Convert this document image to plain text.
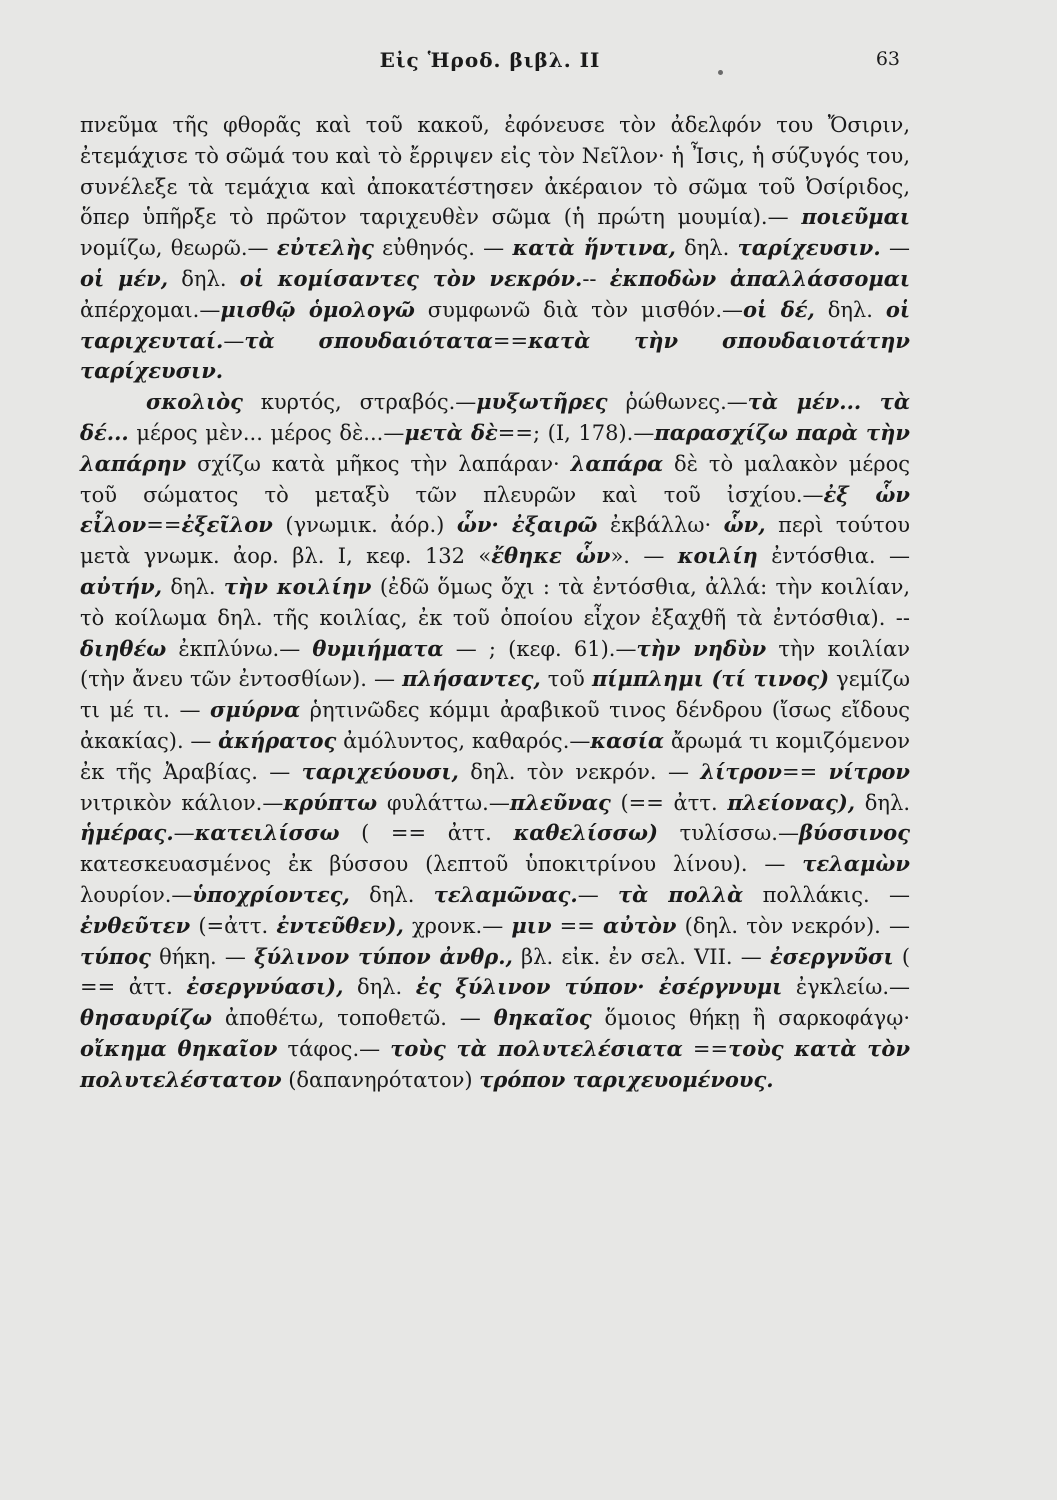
Εἰς Ἡροδ. βιβλ. II	63

πνεῦμα τῆς φθορᾶς καὶ τοῦ κακοῦ, ἐφόνευσε τὸν ἀδελφόν του Ὄσιριν, ἐτεμάχισε τὸ σῶμά του καὶ τὸ ἔρριψεν εἰς τὸν Νεῖλον· ἡ Ἶσις, ἡ σύζυγός του, συνέλεξε τὰ τεμάχια καὶ ἀποκατέστησεν ἀκέραιον τὸ σῶμα τοῦ Ὀσίριδος, ὅπερ ὑπῆρξε τὸ πρῶτον ταριχευθὲν σῶμα (ἡ πρώτη μουμία).— ποιεῦμαι νομίζω, θεωρῶ.— εὐτελὴς εὐθηνός. — κατὰ ἥντινα, δηλ. ταρίχευσιν. — οἱ μέν, δηλ. οἱ κομίσαντες τὸν νεκρόν.-- ἐκποδὼν ἀπαλλάσσομαι ἀπέρχομαι.—μισθῷ ὁμολογῶ συμφωνῶ διὰ τὸν μισθόν.—οἱ δέ, δηλ. οἱ ταριχευταί.—τὰ σπουδαιότατα==κατὰ τὴν σπουδαιοτάτην ταρίχευσιν.

σκολιὸς κυρτός, στραβός.—μυξωτῆρες ῥώθωνες.—τὰ μέν... τὰ δέ... μέρος μὲν... μέρος δὲ...—μετὰ δὲ==; (I, 178).—παρασχίζω παρὰ τὴν λαπάρην σχίζω κατὰ μῆκος τὴν λαπάραν· λαπάρα δὲ τὸ μαλακὸν μέρος τοῦ σώματος τὸ μεταξὺ τῶν πλευρῶν καὶ τοῦ ἰσχίου.—ἐξ ὧν εἶλον==ἐξεῖλον (γνωμικ. ἀόρ.) ὧν· ἐξαιρῶ ἐκβάλλω· ὧν, περὶ τούτου μετὰ γνωμκ. ἀορ. βλ. I, κεφ. 132 «ἔθηκε ὧν». — κοιλίη ἐντόσθια. — αὐτήν, δηλ. τὴν κοιλίην (ἐδῶ ὅμως ὄχι : τὰ ἐντόσθια, ἀλλά: τὴν κοιλίαν, τὸ κοίλωμα δηλ. τῆς κοιλίας, ἐκ τοῦ ὁποίου εἶχον ἐξαχθῆ τὰ ἐντόσθια). -- διηθέω ἐκπλύνω.— θυμιήματα — ; (κεφ. 61).—τὴν νηδὺν τὴν κοιλίαν (τὴν ἄνευ τῶν ἐντοσθίων). — πλήσαντες, τοῦ πίμπλημι (τί τινος) γεμίζω τι μέ τι. — σμύρνα ῥητινῶδες κόμμι ἀραβικοῦ τινος δένδρου (ἴσως εἴδους ἀκακίας). — ἀκήρατος ἀμόλυντος, καθαρός.—κασία ἄρωμά τι κομιζόμενον ἐκ τῆς Ἀραβίας. — ταριχεύουσι, δηλ. τὸν νεκρόν. — λίτρον== νίτρον νιτρικὸν κάλιον.—κρύπτω φυλάττω.—πλεῦνας (== ἀττ. πλείονας), δηλ. ἡμέρας.—κατειλίσσω ( == ἀττ. καθελίσσω) τυλίσσω.—βύσσινος κατεσκευασμένος ἐκ βύσσου (λεπτοῦ ὑποκιτρίνου λίνου). — τελαμὼν λουρίον.—ὑποχρίοντες, δηλ. τελαμῶνας.— τὰ πολλὰ πολλάκις. — ἐνθεῦτεν (=ἀττ. ἐντεῦθεν), χρονκ.— μιν == αὐτὸν (δηλ. τὸν νεκρόν). — τύπος θήκη. — ξύλινον τύπον ἀνθρ., βλ. εἰκ. ἐν σελ. VII. — ἐσεργνῦσι ( == ἀττ. ἐσεργνύασι), δηλ. ἐς ξύλινον τύπον· ἐσέργνυμι ἐγκλείω.— θησαυρίζω ἀποθέτω, τοποθετῶ. — θηκαῖος ὅμοιος θήκῃ ἢ σαρκοφάγῳ· οἴκημα θηκαῖον τάφος.— τοὺς τὰ πολυτελέσιατα ==τοὺς κατὰ τὸν πολυτελέστατον (δαπανηρότατον) τρόπον ταριχευομένους.
